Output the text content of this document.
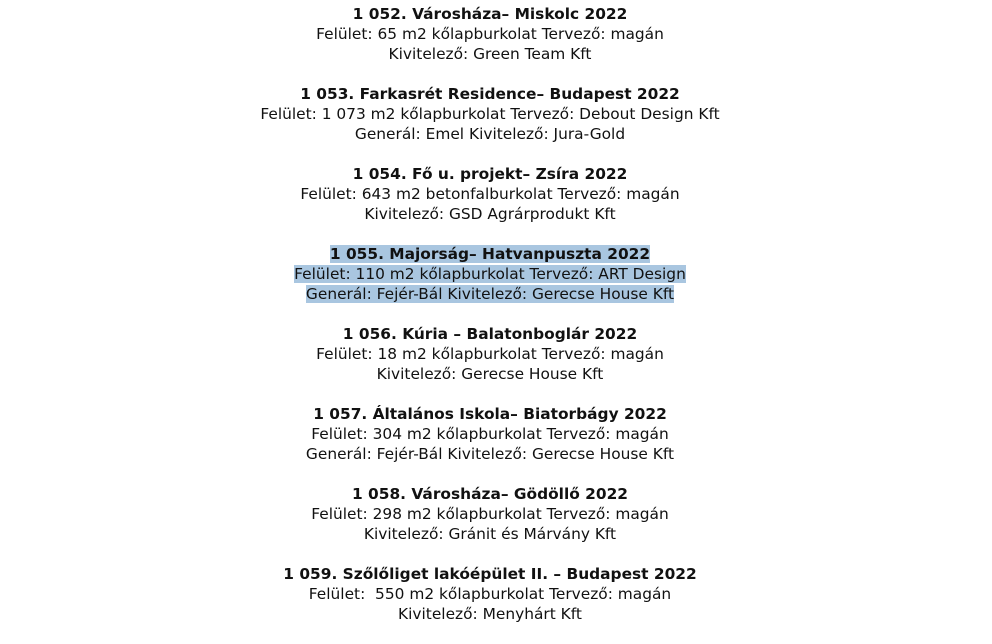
1 052. Városháza– Miskolc 2022
Felület: 65 m2 kőlapburkolat Tervező: magán
Kivitelező: Green Team Kft
1 053. Farkasrét Residence– Budapest 2022
Felület: 1 073 m2 kőlapburkolat Tervező: Debout Design Kft
Generál: Emel Kivitelező: Jura-Gold
1 054. Fő u. projekt– Zsíra 2022
Felület: 643 m2 betonfalburkolat Tervező: magán
Kivitelező: GSD Agrárprodukt Kft
1 055. Majorság– Hatvanpuszta 2022
Felület: 110 m2 kőlapburkolat Tervező: ART Design
Generál: Fejér-Bál Kivitelező: Gerecse House Kft
1 056. Kúria – Balatonboglár 2022
Felület: 18 m2 kőlapburkolat Tervező: magán
Kivitelező: Gerecse House Kft
1 057. Általános Iskola– Biatorbágy 2022
Felület: 304 m2 kőlapburkolat Tervező: magán
Generál: Fejér-Bál Kivitelező: Gerecse House Kft
1 058. Városháza– Gödöllő 2022
Felület: 298 m2 kőlapburkolat Tervező: magán
Kivitelező: Gránit és Márvány Kft
1 059. Szőlőliget lakóépület II. – Budapest 2022
Felület:  550 m2 kőlapburkolat Tervező: magán
Kivitelező: Menyhárt Kft
